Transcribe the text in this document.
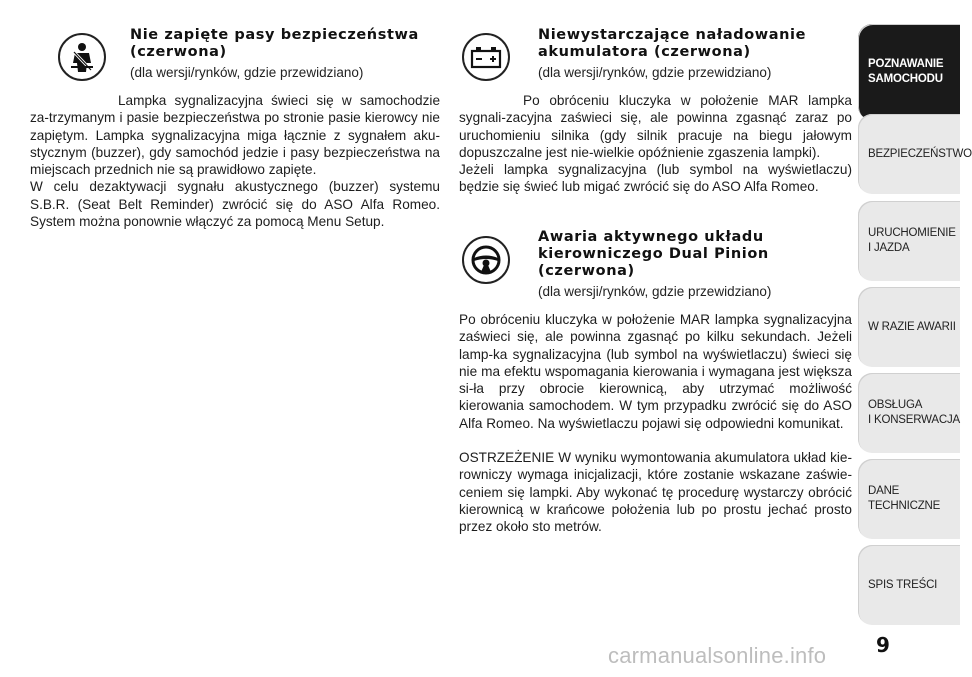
Nie zapięte pasy bezpieczeństwa
(czerwona)
(dla wersji/rynków, gdzie przewidziano)

Lampka sygnalizacyjna świeci się w samochodzie za-trzymanym i pasie bezpieczeństwa po stronie pasie kierowcy nie zapiętym. Lampka sygnalizacyjna miga łącznie z sygnałem aku-stycznym (buzzer), gdy samochód jedzie i pasy bezpieczeństwa na miejscach przednich nie są prawidłowo zapięte.

W celu dezaktywacji sygnału akustycznego (buzzer) systemu S.B.R. (Seat Belt Reminder) zwrócić się do ASO Alfa Romeo. System można ponownie włączyć za pomocą Menu Setup.

Niewystarczające naładowanie
akumulatora (czerwona)
(dla wersji/rynków, gdzie przewidziano)

Po obróceniu kluczyka w położenie MAR lampka sygnali-zacyjna zaświeci się, ale powinna zgasnąć zaraz po uruchomieniu silnika (gdy silnik pracuje na biegu jałowym dopuszczalne jest nie-wielkie opóźnienie zgaszenia lampki).

Jeżeli lampka sygnalizacyjna (lub symbol na wyświetlaczu) będzie się świeć lub migać zwrócić się do ASO Alfa Romeo.

Awaria aktywnego układu
kierowniczego Dual Pinion
(czerwona)
(dla wersji/rynków, gdzie przewidziano)

Po obróceniu kluczyka w położenie MAR lampka sygnalizacyjna zaświeci się, ale powinna zgasnąć po kilku sekundach. Jeżeli lamp-ka sygnalizacyjna (lub symbol na wyświetlaczu) świeci się nie ma efektu wspomagania kierowania i wymagana jest większa si-ła przy obrocie kierownicą, aby utrzymać możliwość kierowania samochodem. W tym przypadku zwrócić się do ASO Alfa Romeo. Na wyświetlaczu pojawi się odpowiedni komunikat.

OSTRZEŻENIE W wyniku wymontowania akumulatora układ kie-rowniczy wymaga inicjalizacji, które zostanie wskazane zaświe-ceniem się lampki. Aby wykonać tę procedurę wystarczy obrócić kierownicą w krańcowe położenia lub po prostu jechać prosto przez około sto metrów.

POZNAWANIE
SAMOCHODU
BEZPIECZEŃSTWO
URUCHOMIENIE
I JAZDA
W RAZIE AWARII
OBSŁUGA
I KONSERWACJA
DANE
TECHNICZNE
SPIS TREŚCI
9
carmanualsonline.info
